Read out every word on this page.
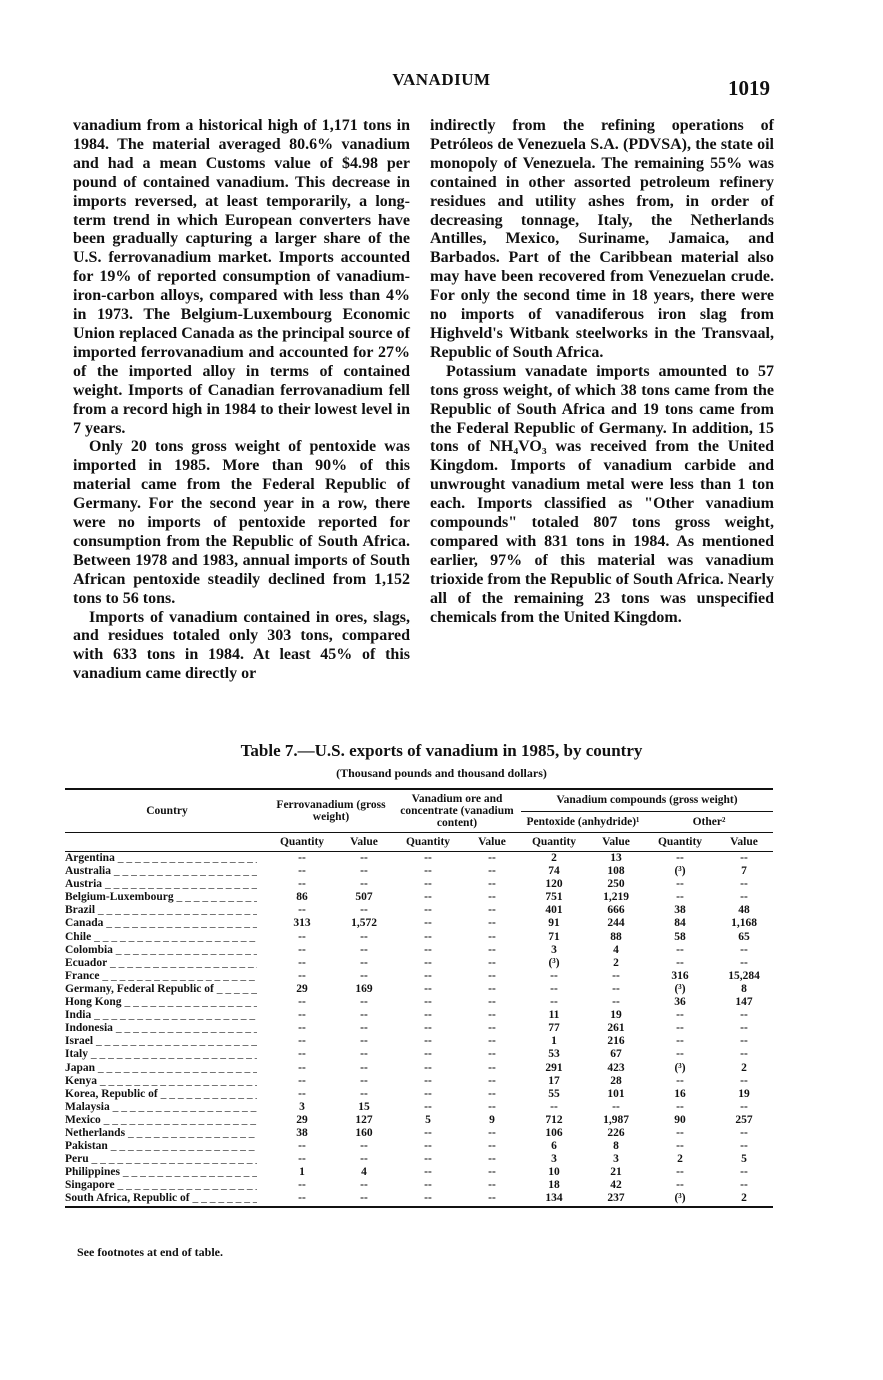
VANADIUM	1019

vanadium from a historical high of 1,171 tons in 1984. The material averaged 80.6% vanadium and had a mean Customs value of $4.98 per pound of contained vanadium. This decrease in imports reversed, at least temporarily, a long-term trend in which European converters have been gradually capturing a larger share of the U.S. ferrovanadium market. Imports accounted for 19% of reported consumption of vanadium-iron-carbon alloys, compared with less than 4% in 1973. The Belgium-Luxembourg Economic Union replaced Canada as the principal source of imported ferrovanadium and accounted for 27% of the imported alloy in terms of contained weight. Imports of Canadian ferrovanadium fell from a record high in 1984 to their lowest level in 7 years.

Only 20 tons gross weight of pentoxide was imported in 1985. More than 90% of this material came from the Federal Republic of Germany. For the second year in a row, there were no imports of pentoxide reported for consumption from the Republic of South Africa. Between 1978 and 1983, annual imports of South African pentoxide steadily declined from 1,152 tons to 56 tons.

Imports of vanadium contained in ores, slags, and residues totaled only 303 tons, compared with 633 tons in 1984. At least 45% of this vanadium came directly or

indirectly from the refining operations of Petróleos de Venezuela S.A. (PDVSA), the state oil monopoly of Venezuela. The remaining 55% was contained in other assorted petroleum refinery residues and utility ashes from, in order of decreasing tonnage, Italy, the Netherlands Antilles, Mexico, Suriname, Jamaica, and Barbados. Part of the Caribbean material also may have been recovered from Venezuelan crude. For only the second time in 18 years, there were no imports of vanadiferous iron slag from Highveld's Witbank steelworks in the Transvaal, Republic of South Africa.

Potassium vanadate imports amounted to 57 tons gross weight, of which 38 tons came from the Republic of South Africa and 19 tons came from the Federal Republic of Germany. In addition, 15 tons of NH₄VO₃ was received from the United Kingdom. Imports of vanadium carbide and unwrought vanadium metal were less than 1 ton each. Imports classified as "Other vanadium compounds" totaled 807 tons gross weight, compared with 831 tons in 1984. As mentioned earlier, 97% of this material was vanadium trioxide from the Republic of South Africa. Nearly all of the remaining 23 tons was unspecified chemicals from the United Kingdom.

Table 7.—U.S. exports of vanadium in 1985, by country
(Thousand pounds and thousand dollars)
Country	Ferrovanadium (gross weight)		Vanadium ore and concentrate (vanadium content)		Vanadium compounds (gross weight)			
					Pentoxide (anhydride)¹		Other²	
	Quantity	Value	Quantity	Value	Quantity	Value	Quantity	Value

Argentina _ _ _	--	--	--	--	2	13	--	--

Australia _ _ _	--	--	--	--	74	108	(³)	7

Austria _ _ _	--	--	--	--	120	250	--	--

Belgium-Luxembourg _ _ _	86	507	--	--	751	1,219	--	--

Brazil _ _ _	--	--	--	--	401	666	38	48

Canada _ _ _	313	1,572	--	--	91	244	84	1,168

Chile _ _ _	--	--	--	--	71	88	58	65

Colombia _ _ _	--	--	--	--	3	4	--	--

Ecuador _ _ _	--	--	--	--	(³)	2	--	--

France _ _ _	--	--	--	--	--	--	316	15,284

Germany, Federal Republic of _ _ _	29	169	--	--	--	--	(³)	8

Hong Kong _ _ _	--	--	--	--	--	--	36	147

India _ _ _	--	--	--	--	11	19	--	--

Indonesia _ _ _	--	--	--	--	77	261	--	--

Israel _ _ _	--	--	--	--	1	216	--	--

Italy _ _ _	--	--	--	--	53	67	--	--

Japan _ _ _	--	--	--	--	291	423	(³)	2

Kenya _ _ _	--	--	--	--	17	28	--	--

Korea, Republic of _ _ _	--	--	--	--	55	101	16	19

Malaysia _ _ _	3	15	--	--	--	--	--	--

Mexico _ _ _	29	127	5	9	712	1,987	90	257

Netherlands _ _ _	38	160	--	--	106	226	--	--

Pakistan _ _ _	--	--	--	--	6	8	--	--

Peru _ _ _	--	--	--	--	3	3	2	5

Philippines _ _ _	1	4	--	--	10	21	--	--

Singapore _ _ _	--	--	--	--	18	42	--	--

South Africa, Republic of _ _ _	--	--	--	--	134	237	(³)	2
See footnotes at end of table.
